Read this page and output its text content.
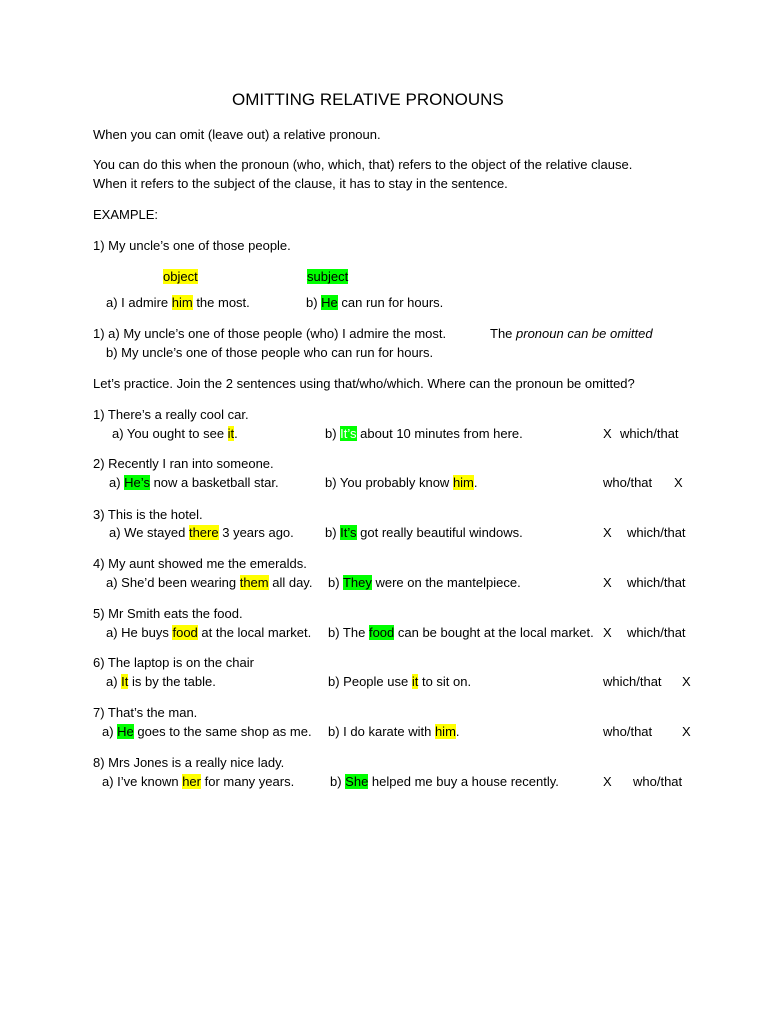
OMITTING RELATIVE PRONOUNS
When you can omit (leave out) a relative pronoun.
You can do this when the pronoun (who, which, that) refers to the object of the relative clause.
When it refers to the subject of the clause, it has to stay in the sentence.
EXAMPLE:
1) My uncle’s one of those people.
object	subject
a) I admire him the most.	b) He can run for hours.
1) a) My uncle’s one of those people (who) I admire the most.	The pronoun can be omitted
b) My uncle’s one of those people who can run for hours.
Let’s practice. Join the 2 sentences using that/who/which. Where can the pronoun be omitted?
1) There’s a really cool car.
a) You ought to see it.	b) It’s about 10 minutes from here.	X which/that
2) Recently I ran into someone.
a) He’s now a basketball star.	b) You probably know him.	who/that X
3) This is the hotel.
a) We stayed there 3 years ago. b) It’s got really beautiful windows.	X which/that
4) My aunt showed me the emeralds.
a) She’d been wearing them all day. b) They were on the mantelpiece.	X which/that
5) Mr Smith eats the food.
a) He buys food at the local market. b) The food can be bought at the local market. X which/that
6) The laptop is on the chair
a) It is by the table.	b) People use it to sit on.	which/that X
7) That’s the man.
a) He goes to the same shop as me. b) I do karate with him.	who/that X
8) Mrs Jones is a really nice lady.
a) I’ve known her for many years.	b) She helped me buy a house recently.	X who/that
